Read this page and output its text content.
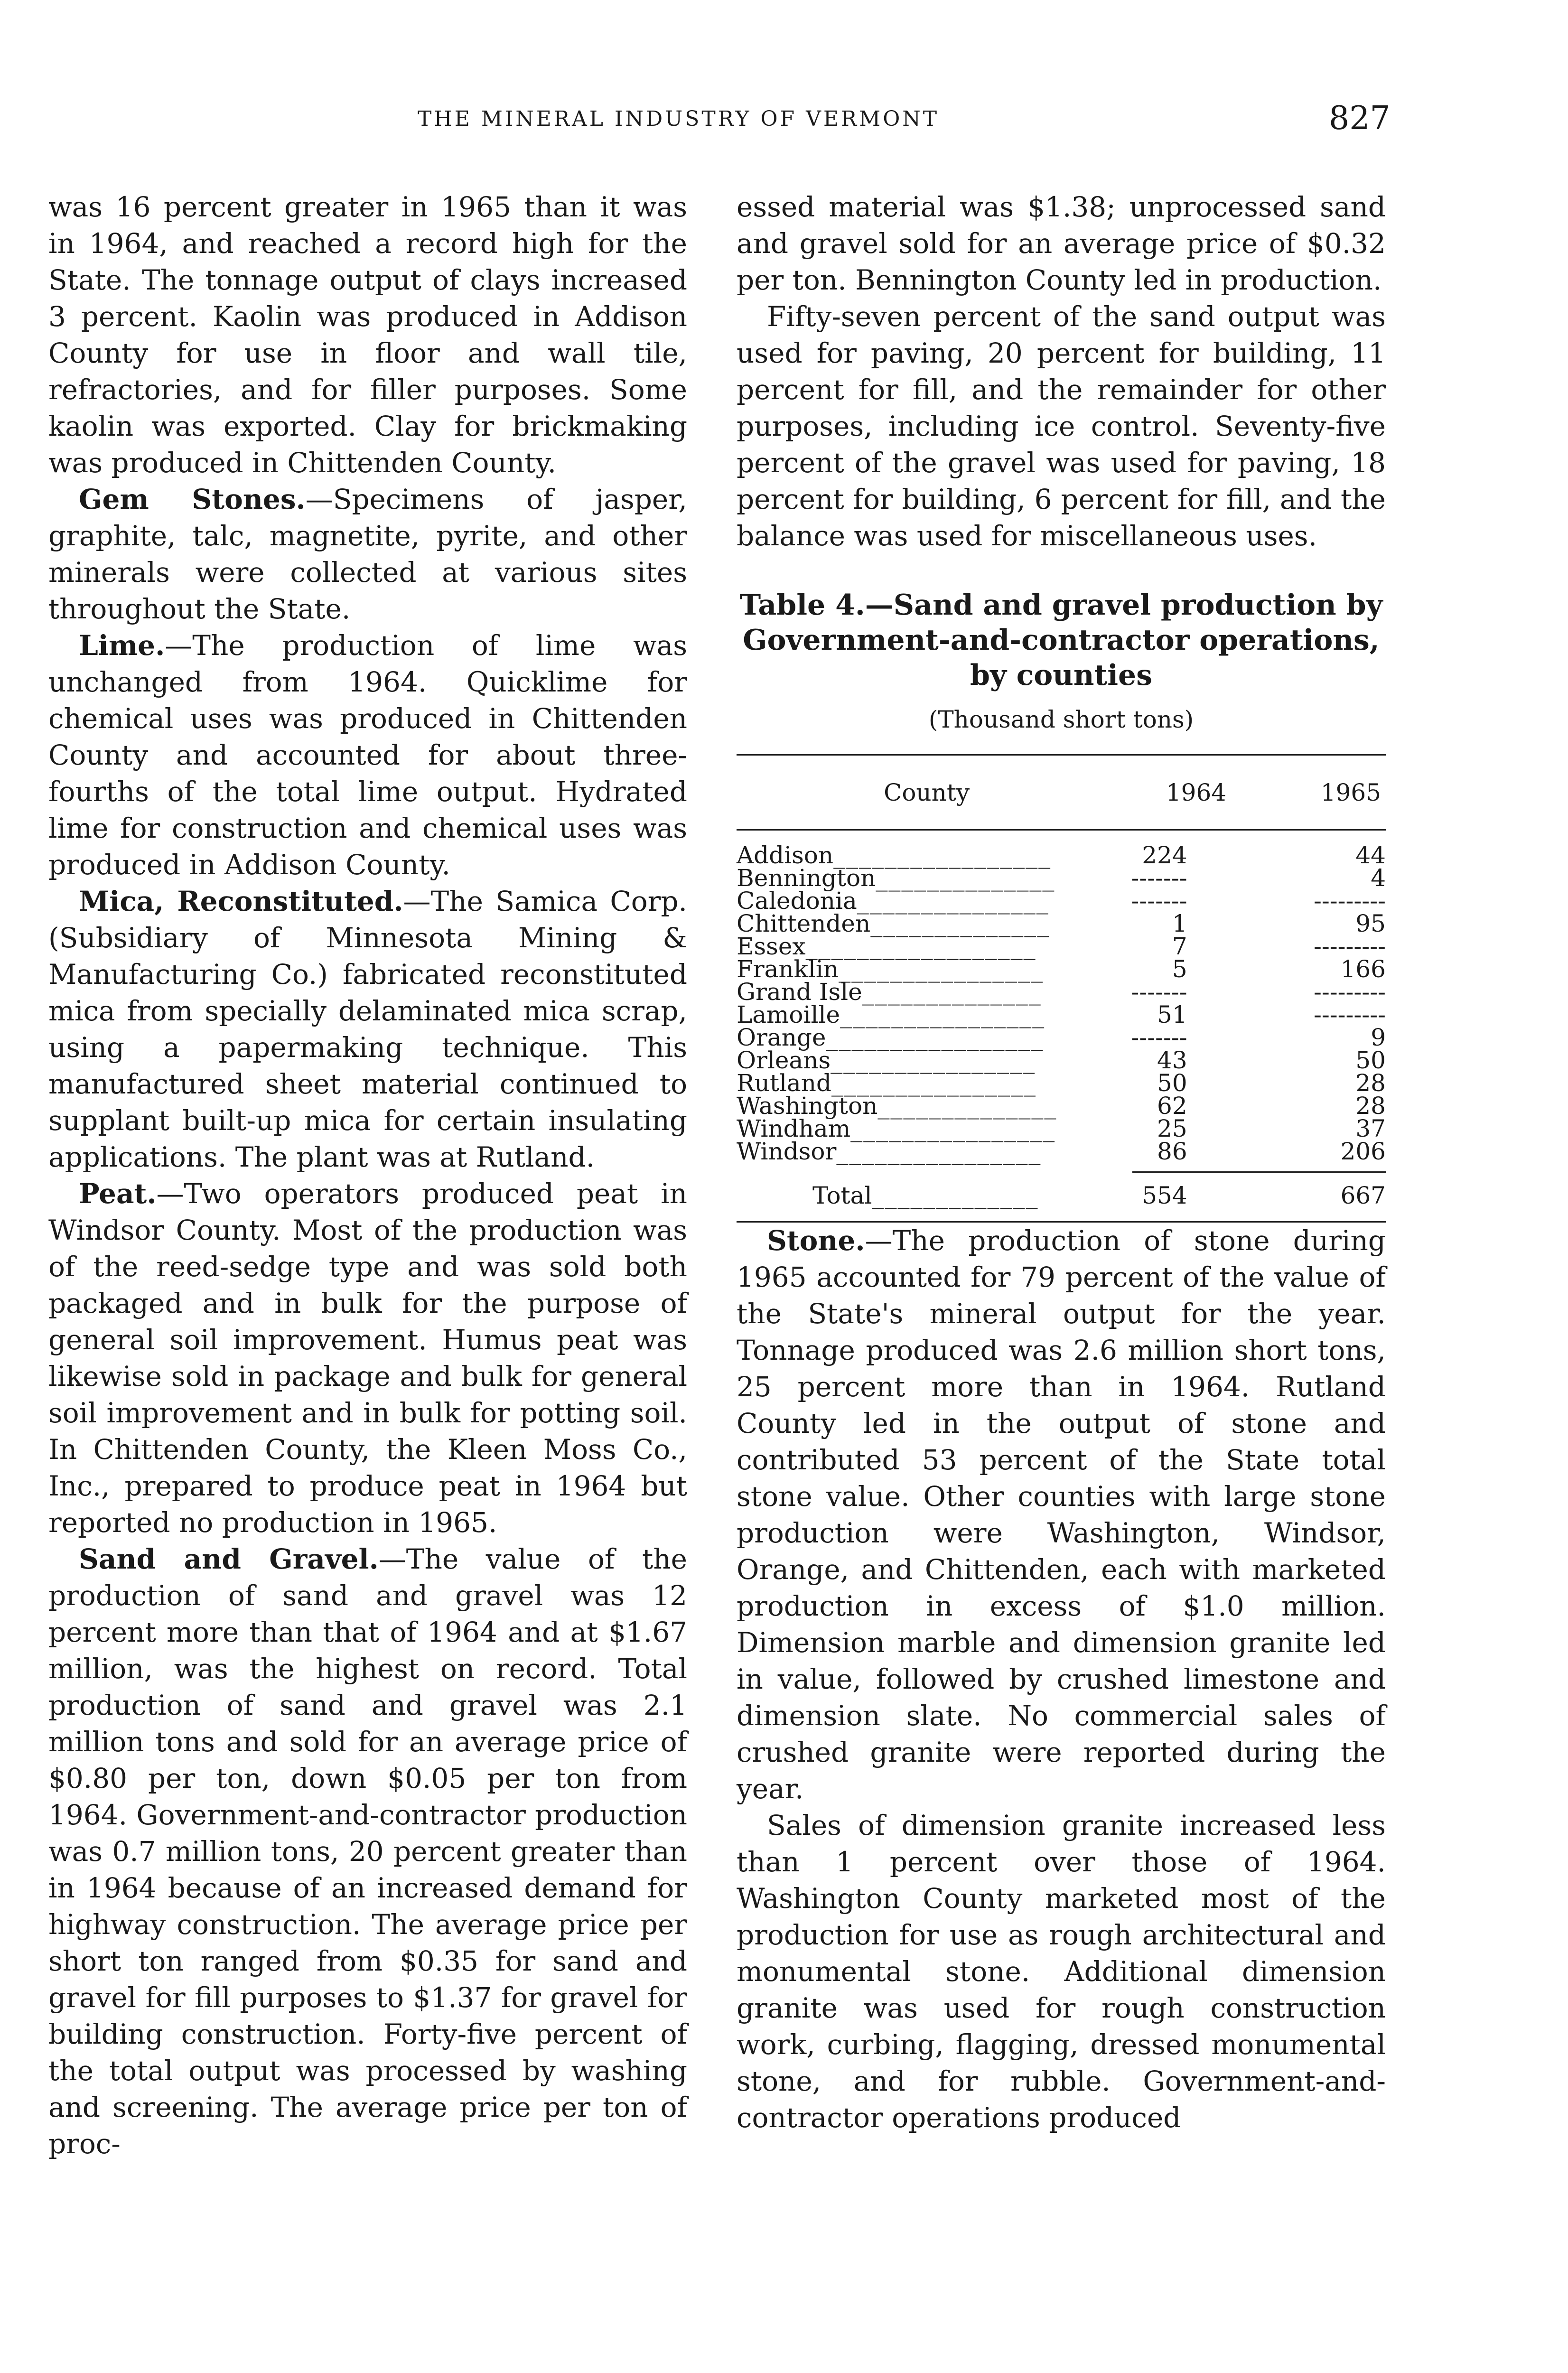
THE MINERAL INDUSTRY OF VERMONT	827

was 16 percent greater in 1965 than it was in 1964, and reached a record high for the State. The tonnage output of clays increased 3 percent. Kaolin was produced in Addison County for use in floor and wall tile, refractories, and for filler purposes. Some kaolin was exported. Clay for brickmaking was produced in Chittenden County.

Gem Stones.—Specimens of jasper, graphite, talc, magnetite, pyrite, and other minerals were collected at various sites throughout the State.

Lime.—The production of lime was unchanged from 1964. Quicklime for chemical uses was produced in Chittenden County and accounted for about three-fourths of the total lime output. Hydrated lime for construction and chemical uses was produced in Addison County.

Mica, Reconstituted.—The Samica Corp. (Subsidiary of Minnesota Mining & Manufacturing Co.) fabricated reconstituted mica from specially delaminated mica scrap, using a papermaking technique. This manufactured sheet material continued to supplant built-up mica for certain insulating applications. The plant was at Rutland.

Peat.—Two operators produced peat in Windsor County. Most of the production was of the reed-sedge type and was sold both packaged and in bulk for the purpose of general soil improvement. Humus peat was likewise sold in package and bulk for general soil improvement and in bulk for potting soil. In Chittenden County, the Kleen Moss Co., Inc., prepared to produce peat in 1964 but reported no production in 1965.

Sand and Gravel.—The value of the production of sand and gravel was 12 percent more than that of 1964 and at $1.67 million, was the highest on record. Total production of sand and gravel was 2.1 million tons and sold for an average price of $0.80 per ton, down $0.05 per ton from 1964. Government-and-contractor production was 0.7 million tons, 20 percent greater than in 1964 because of an increased demand for highway construction. The average price per short ton ranged from $0.35 for sand and gravel for fill purposes to $1.37 for gravel for building construction. Forty-five percent of the total output was processed by washing and screening. The average price per ton of proc-

essed material was $1.38; unprocessed sand and gravel sold for an average price of $0.32 per ton. Bennington County led in production.

Fifty-seven percent of the sand output was used for paving, 20 percent for building, 11 percent for fill, and the remainder for other purposes, including ice control. Seventy-five percent of the gravel was used for paving, 18 percent for building, 6 percent for fill, and the balance was used for miscellaneous uses.

Table 4.—Sand and gravel production by Government-and-contractor operations, by counties
(Thousand short tons)
County	1964	1965
Addison_________________	224	44
Bennington______________	-------	4
Caledonia_______________	-------	---------
Chittenden______________	1	95
Essex__________________	7	---------
Franklin________________	5	166
Grand Isle______________	-------	---------
Lamoille________________	51	---------
Orange_________________	-------	9
Orleans________________	43	50
Rutland________________	50	28
Washington______________	62	28
Windham________________	25	37
Windsor________________	86	206
Total_____________	554	667

Stone.—The production of stone during 1965 accounted for 79 percent of the value of the State's mineral output for the year. Tonnage produced was 2.6 million short tons, 25 percent more than in 1964. Rutland County led in the output of stone and contributed 53 percent of the State total stone value. Other counties with large stone production were Washington, Windsor, Orange, and Chittenden, each with marketed production in excess of $1.0 million. Dimension marble and dimension granite led in value, followed by crushed limestone and dimension slate. No commercial sales of crushed granite were reported during the year.

Sales of dimension granite increased less than 1 percent over those of 1964. Washington County marketed most of the production for use as rough architectural and monumental stone. Additional dimension granite was used for rough construction work, curbing, flagging, dressed monumental stone, and for rubble. Government-and-contractor operations produced
